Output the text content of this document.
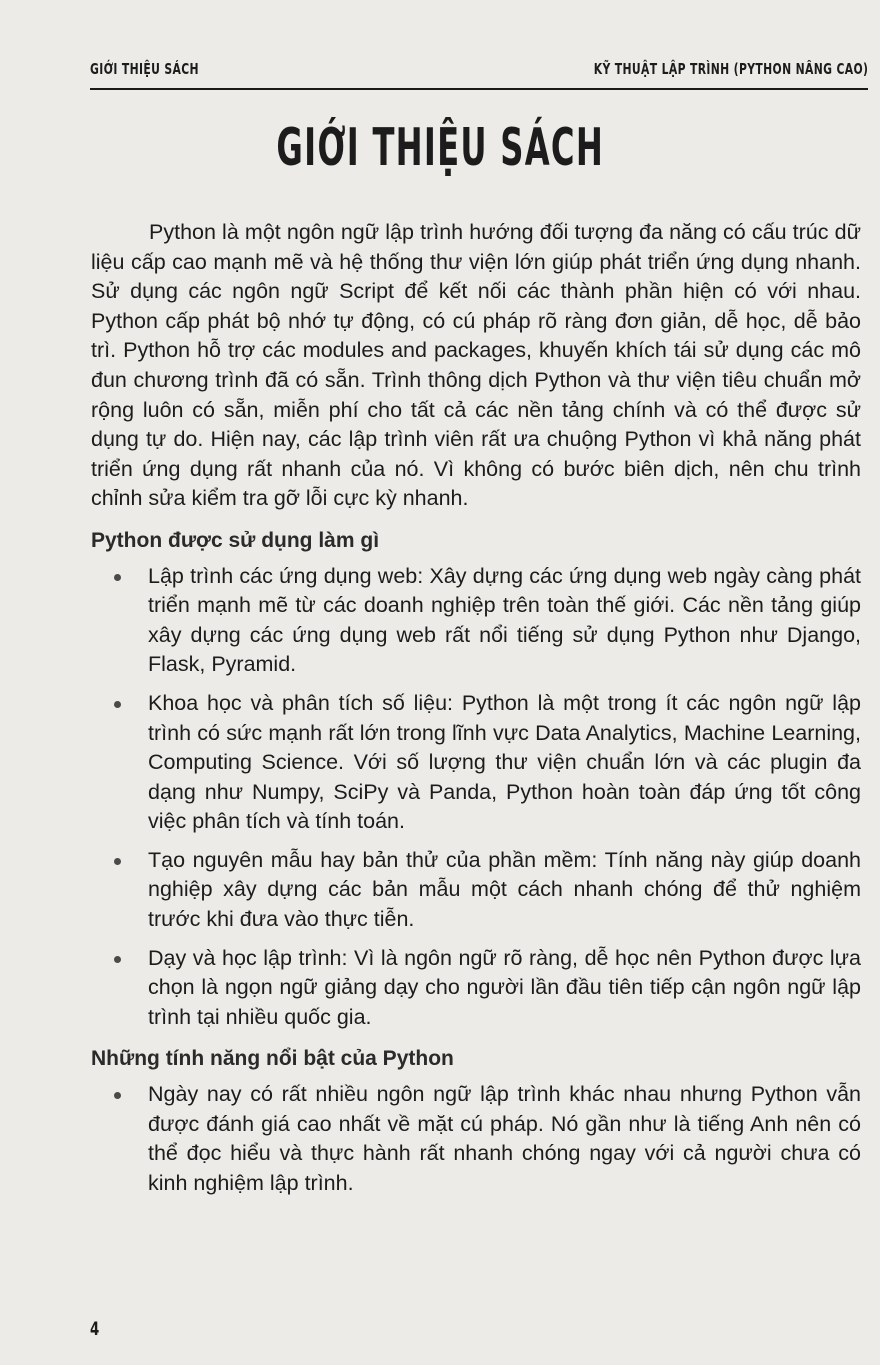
GIỚI THIỆU SÁCH	KỸ THUẬT LẬP TRÌNH (PYTHON NÂNG CAO)
GIỚI THIỆU SÁCH

Python là một ngôn ngữ lập trình hướng đối tượng đa năng có cấu trúc dữ liệu cấp cao mạnh mẽ và hệ thống thư viện lớn giúp phát triển ứng dụng nhanh. Sử dụng các ngôn ngữ Script để kết nối các thành phần hiện có với nhau. Python cấp phát bộ nhớ tự động, có cú pháp rõ ràng đơn giản, dễ học, dễ bảo trì. Python hỗ trợ các modules and packages, khuyến khích tái sử dụng các mô đun chương trình đã có sẵn. Trình thông dịch Python và thư viện tiêu chuẩn mở rộng luôn có sẵn, miễn phí cho tất cả các nền tảng chính và có thể được sử dụng tự do. Hiện nay, các lập trình viên rất ưa chuộng Python vì khả năng phát triển ứng dụng rất nhanh của nó. Vì không có bước biên dịch, nên chu trình chỉnh sửa kiểm tra gỡ lỗi cực kỳ nhanh.

Python được sử dụng làm gì
Lập trình các ứng dụng web: Xây dựng các ứng dụng web ngày càng phát triển mạnh mẽ từ các doanh nghiệp trên toàn thế giới. Các nền tảng giúp xây dựng các ứng dụng web rất nổi tiếng sử dụng Python như Django, Flask, Pyramid.
Khoa học và phân tích số liệu: Python là một trong ít các ngôn ngữ lập trình có sức mạnh rất lớn trong lĩnh vực Data Analytics, Machine Learning, Computing Science. Với số lượng thư viện chuẩn lớn và các plugin đa dạng như Numpy, SciPy và Panda, Python hoàn toàn đáp ứng tốt công việc phân tích và tính toán.
Tạo nguyên mẫu hay bản thử của phần mềm: Tính năng này giúp doanh nghiệp xây dựng các bản mẫu một cách nhanh chóng để thử nghiệm trước khi đưa vào thực tiễn.
Dạy và học lập trình: Vì là ngôn ngữ rõ ràng, dễ học nên Python được lựa chọn là ngọn ngữ giảng dạy cho người lần đầu tiên tiếp cận ngôn ngữ lập trình tại nhiều quốc gia.
Những tính năng nổi bật của Python
Ngày nay có rất nhiều ngôn ngữ lập trình khác nhau nhưng Python vẫn được đánh giá cao nhất về mặt cú pháp. Nó gần như là tiếng Anh nên có thể đọc hiểu và thực hành rất nhanh chóng ngay với cả người chưa có kinh nghiệm lập trình.
4
